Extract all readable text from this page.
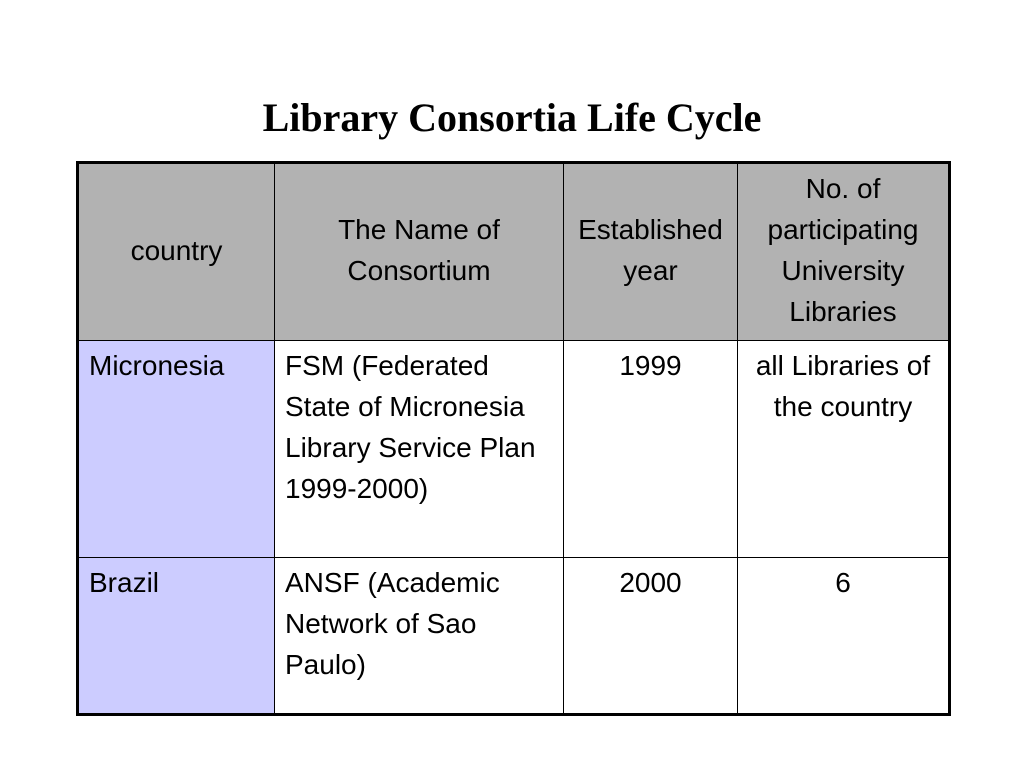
Library Consortia Life Cycle
country	The Name of Consortium	Established year	No. of participating University Libraries
Micronesia	FSM (Federated State of Micronesia Library Service Plan 1999-2000)	1999	all Libraries of the country
Brazil	ANSF (Academic Network of Sao Paulo)	2000	6
